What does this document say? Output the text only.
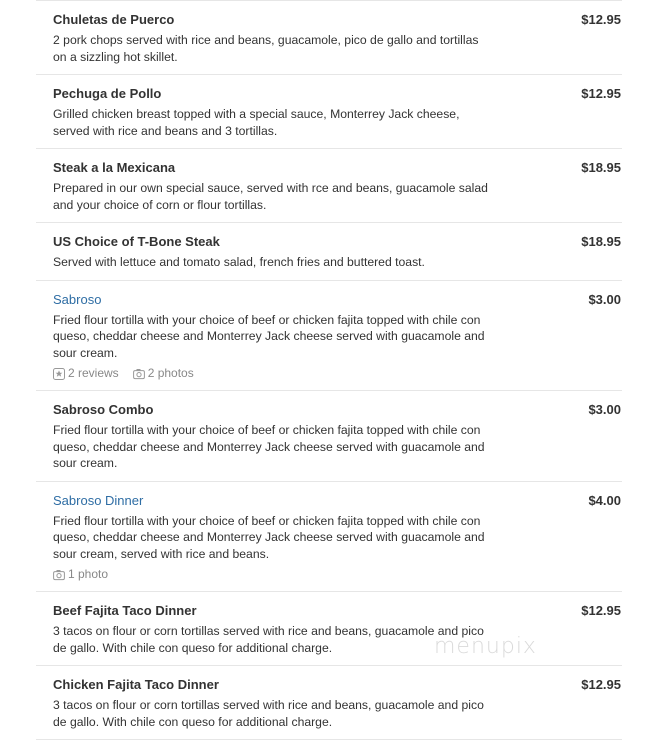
Chuletas de Puerco	$12.95
2 pork chops served with rice and beans, guacamole, pico de gallo and tortillas on a sizzling hot skillet.
Pechuga de Pollo	$12.95
Grilled chicken breast topped with a special sauce, Monterrey Jack cheese, served with rice and beans and 3 tortillas.
Steak a la Mexicana	$18.95
Prepared in our own special sauce, served with rce and beans, guacamole salad and your choice of corn or flour tortillas.
US Choice of T-Bone Steak	$18.95
Served with lettuce and tomato salad, french fries and buttered toast.
Sabroso	$3.00
Fried flour tortilla with your choice of beef or chicken fajita topped with chile con queso, cheddar cheese and Monterrey Jack cheese served with guacamole and sour cream.
2 reviews 2 photos
Sabroso Combo	$3.00
Fried flour tortilla with your choice of beef or chicken fajita topped with chile con queso, cheddar cheese and Monterrey Jack cheese served with guacamole and sour cream.
Sabroso Dinner	$4.00
Fried flour tortilla with your choice of beef or chicken fajita topped with chile con queso, cheddar cheese and Monterrey Jack cheese served with guacamole and sour cream, served with rice and beans.
1 photo
Beef Fajita Taco Dinner	$12.95
3 tacos on flour or corn tortillas served with rice and beans, guacamole and pico de gallo. With chile con queso for additional charge.
Chicken Fajita Taco Dinner	$12.95
3 tacos on flour or corn tortillas served with rice and beans, guacamole and pico de gallo. With chile con queso for additional charge.
menupix
